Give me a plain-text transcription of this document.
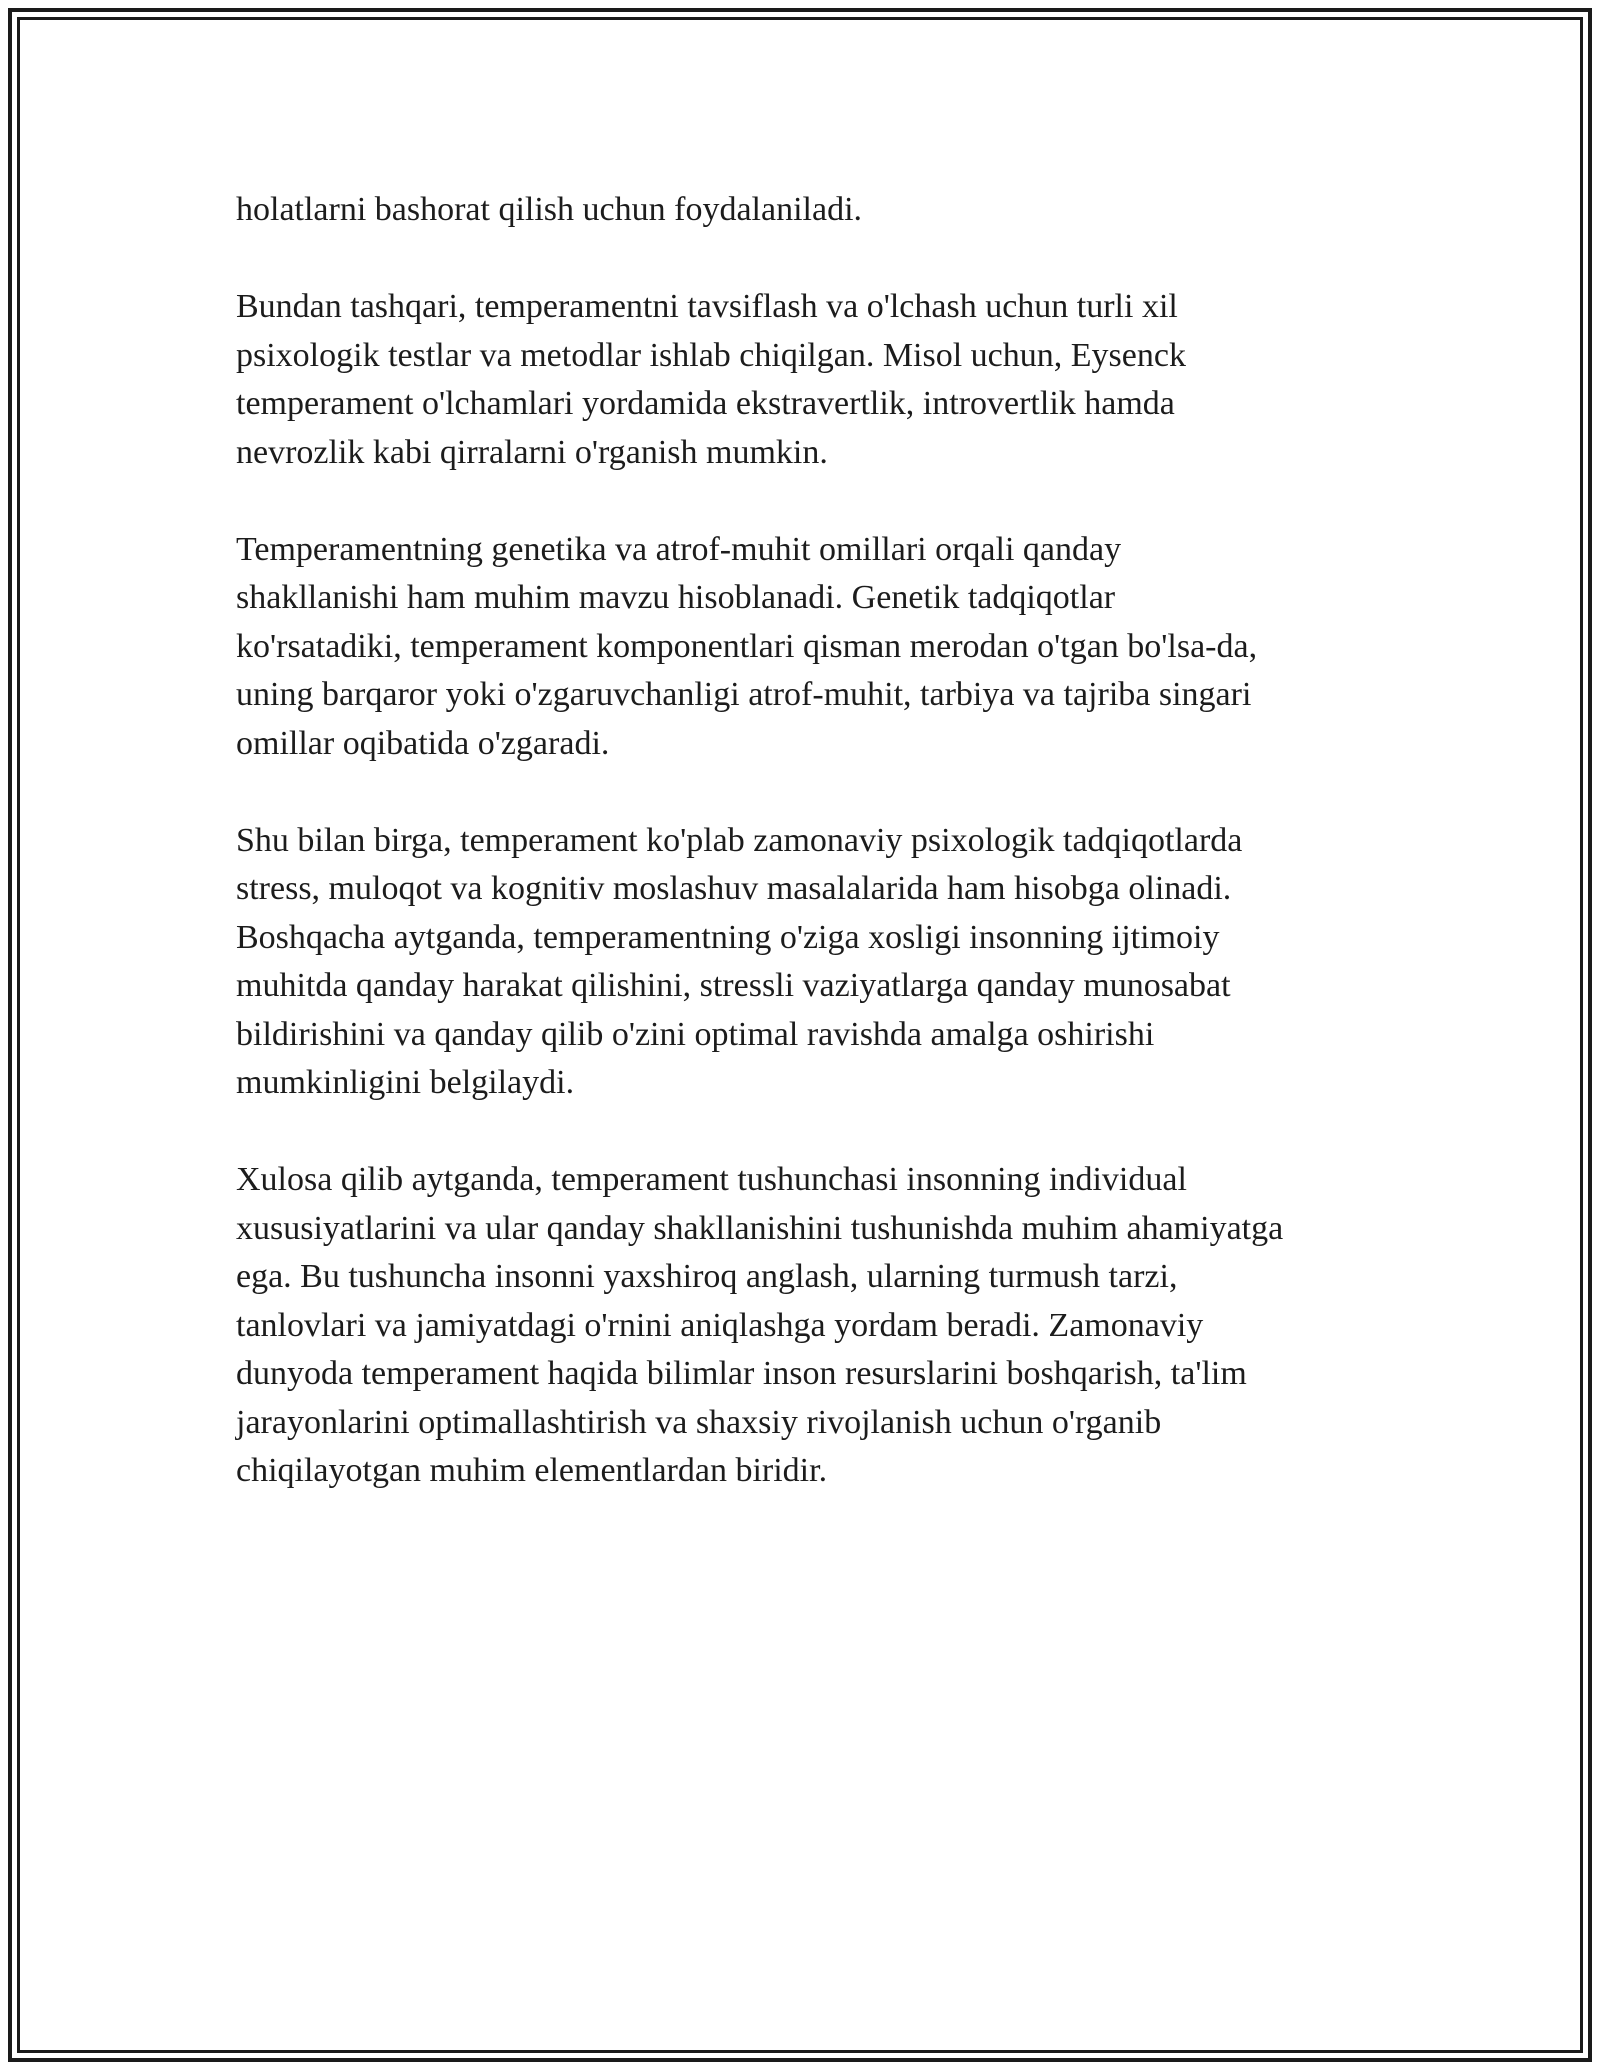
holatlarni bashorat qilish uchun foydalaniladi.

Bundan tashqari, temperamentni tavsiflash va o'lchash uchun turli xil
psixologik testlar va metodlar ishlab chiqilgan. Misol uchun, Eysenck
temperament o'lchamlari yordamida ekstravertlik, introvertlik hamda
nevrozlik kabi qirralarni o'rganish mumkin.

Temperamentning genetika va atrof-muhit omillari orqali qanday
shakllanishi ham muhim mavzu hisoblanadi. Genetik tadqiqotlar
ko'rsatadiki, temperament komponentlari qisman merodan o'tgan bo'lsa-da,
uning barqaror yoki o'zgaruvchanligi atrof-muhit, tarbiya va tajriba singari
omillar oqibatida o'zgaradi.

Shu bilan birga, temperament ko'plab zamonaviy psixologik tadqiqotlarda
stress, muloqot va kognitiv moslashuv masalalarida ham hisobga olinadi.
Boshqacha aytganda, temperamentning o'ziga xosligi insonning ijtimoiy
muhitda qanday harakat qilishini, stressli vaziyatlarga qanday munosabat
bildirishini va qanday qilib o'zini optimal ravishda amalga oshirishi
mumkinligini belgilaydi.

Xulosa qilib aytganda, temperament tushunchasi insonning individual
xususiyatlarini va ular qanday shakllanishini tushunishda muhim ahamiyatga
ega. Bu tushuncha insonni yaxshiroq anglash, ularning turmush tarzi,
tanlovlari va jamiyatdagi o'rnini aniqlashga yordam beradi. Zamonaviy
dunyoda temperament haqida bilimlar inson resurslarini boshqarish, ta'lim
jarayonlarini optimallashtirish va shaxsiy rivojlanish uchun o'rganib
chiqilayotgan muhim elementlardan biridir.
